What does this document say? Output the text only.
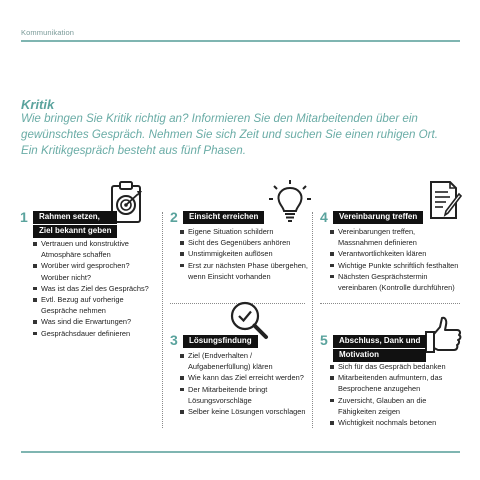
Kommunikation
Kritik
Wie bringen Sie Kritik richtig an? Informieren Sie den Mitarbeitenden über ein
gewünschtes Gespräch. Nehmen Sie sich Zeit und suchen Sie einen ruhigen Ort.
Ein Kritikgespräch besteht aus fünf Phasen.
1	Rahmen setzen,
Ziel bekannt geben
Vertrauen und konstruktive Atmosphäre schaffen
Worüber wird gesprochen? Worüber nicht?
Was ist das Ziel des Gesprächs?
Evtl. Bezug auf vorherige Gespräche nehmen
Was sind die Erwartungen?
Gesprächsdauer definieren
2	Einsicht erreichen
Eigene Situation schildern
Sicht des Gegenübers anhören
Unstimmigkeiten auflösen
Erst zur nächsten Phase übergehen, wenn Einsicht vorhanden
3	Lösungsfindung
Ziel (Endverhalten / Aufgabenerfüllung) klären
Wie kann das Ziel erreicht werden?
Der Mitarbeitende bringt Lösungsvorschläge
Selber keine Lösungen vorschlagen
4	Vereinbarung treffen
Vereinbarungen treffen, Massnahmen definieren
Verantwortlichkeiten klären
Wichtige Punkte schriftlich festhalten
Nächsten Gesprächstermin vereinbaren (Kontrolle durchführen)
5	Abschluss, Dank und
Motivation
Sich für das Gespräch bedanken
Mitarbeitenden aufmuntern, das Besprochene anzugehen
Zuversicht, Glauben an die Fähigkeiten zeigen
Wichtigkeit nochmals betonen
